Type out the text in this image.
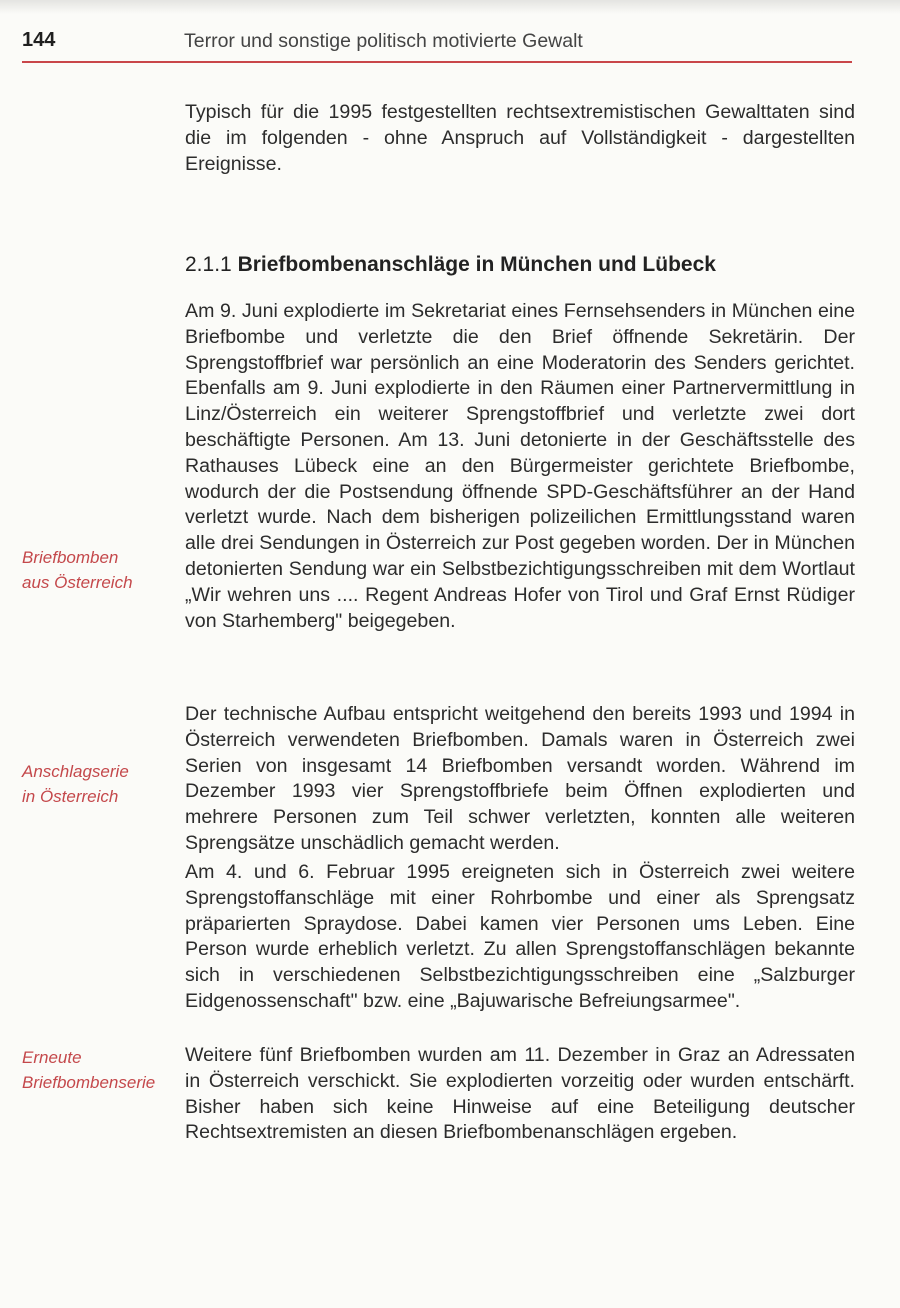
144	Terror und sonstige politisch motivierte Gewalt

Typisch für die 1995 festgestellten rechtsextremistischen Gewalttaten sind die im folgenden - ohne Anspruch auf Vollständigkeit - dargestellten Ereignisse.

2.1.1 Briefbombenanschläge in München und Lübeck

Am 9. Juni explodierte im Sekretariat eines Fernsehsenders in München eine Briefbombe und verletzte die den Brief öffnende Sekretärin. Der Sprengstoffbrief war persönlich an eine Moderatorin des Senders gerichtet. Ebenfalls am 9. Juni explodierte in den Räumen einer Partnervermittlung in Linz/Österreich ein weiterer Sprengstoffbrief und verletzte zwei dort beschäftigte Personen. Am 13. Juni detonierte in der Geschäftsstelle des Rathauses Lübeck eine an den Bürgermeister gerichtete Briefbombe, wodurch der die Postsendung öffnende SPD-Geschäftsführer an der Hand verletzt wurde. Nach dem bisherigen polizeilichen Ermittlungsstand waren alle drei Sendungen in Österreich zur Post gegeben worden. Der in München detonierten Sendung war ein Selbstbezichtigungsschreiben mit dem Wortlaut „Wir wehren uns .... Regent Andreas Hofer von Tirol und Graf Ernst Rüdiger von Starhemberg" beigegeben.

Der technische Aufbau entspricht weitgehend den bereits 1993 und 1994 in Österreich verwendeten Briefbomben. Damals waren in Österreich zwei Serien von insgesamt 14 Briefbomben versandt worden. Während im Dezember 1993 vier Sprengstoffbriefe beim Öffnen explodierten und mehrere Personen zum Teil schwer verletzten, konnten alle weiteren Sprengsätze unschädlich gemacht werden.

Am 4. und 6. Februar 1995 ereigneten sich in Österreich zwei weitere Sprengstoffanschläge mit einer Rohrbombe und einer als Sprengsatz präparierten Spraydose. Dabei kamen vier Personen ums Leben. Eine Person wurde erheblich verletzt. Zu allen Sprengstoffanschlägen bekannte sich in verschiedenen Selbstbezichtigungsschreiben eine „Salzburger Eidgenossenschaft" bzw. eine „Bajuwarische Befreiungsarmee".

Weitere fünf Briefbomben wurden am 11. Dezember in Graz an Adressaten in Österreich verschickt. Sie explodierten vorzeitig oder wurden entschärft. Bisher haben sich keine Hinweise auf eine Beteiligung deutscher Rechtsextremisten an diesen Briefbombenanschlägen ergeben.

Briefbomben
aus Österreich
Anschlagserie
in Österreich
Erneute
Briefbombenserie
